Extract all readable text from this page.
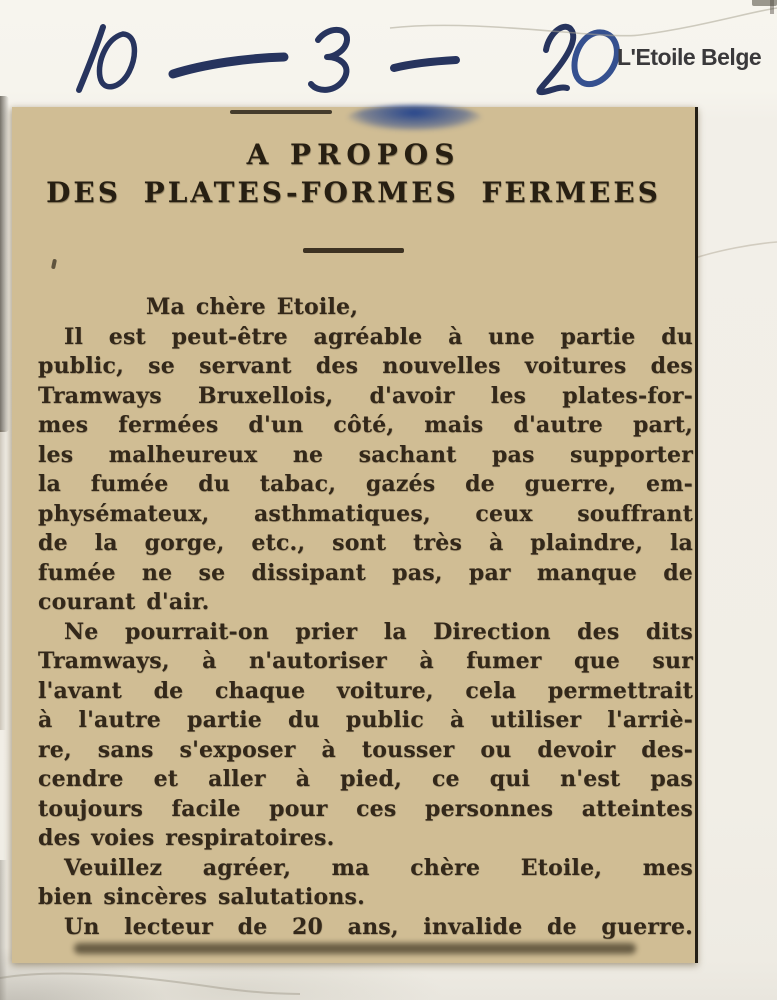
L'Etoile Belge
A PROPOS
DES PLATES-FORMES FERMEES
Ma chère Etoile,
Il est peut-être agréable à une partie du
public, se servant des nouvelles voitures des
Tramways Bruxellois, d'avoir les plates-for-
mes fermées d'un côté, mais d'autre part,
les malheureux ne sachant pas supporter
la fumée du tabac, gazés de guerre, em-
physémateux, asthmatiques, ceux souffrant
de la gorge, etc., sont très à plaindre, la
fumée ne se dissipant pas, par manque de
courant d'air.
Ne pourrait-on prier la Direction des dits
Tramways, à n'autoriser à fumer que sur
l'avant de chaque voiture, cela permettrait
à l'autre partie du public à utiliser l'arriè-
re, sans s'exposer à tousser ou devoir des-
cendre et aller à pied, ce qui n'est pas
toujours facile pour ces personnes atteintes
des voies respiratoires.
Veuillez agréer, ma chère Etoile, mes
bien sincères salutations.
Un lecteur de 20 ans, invalide de guerre.
